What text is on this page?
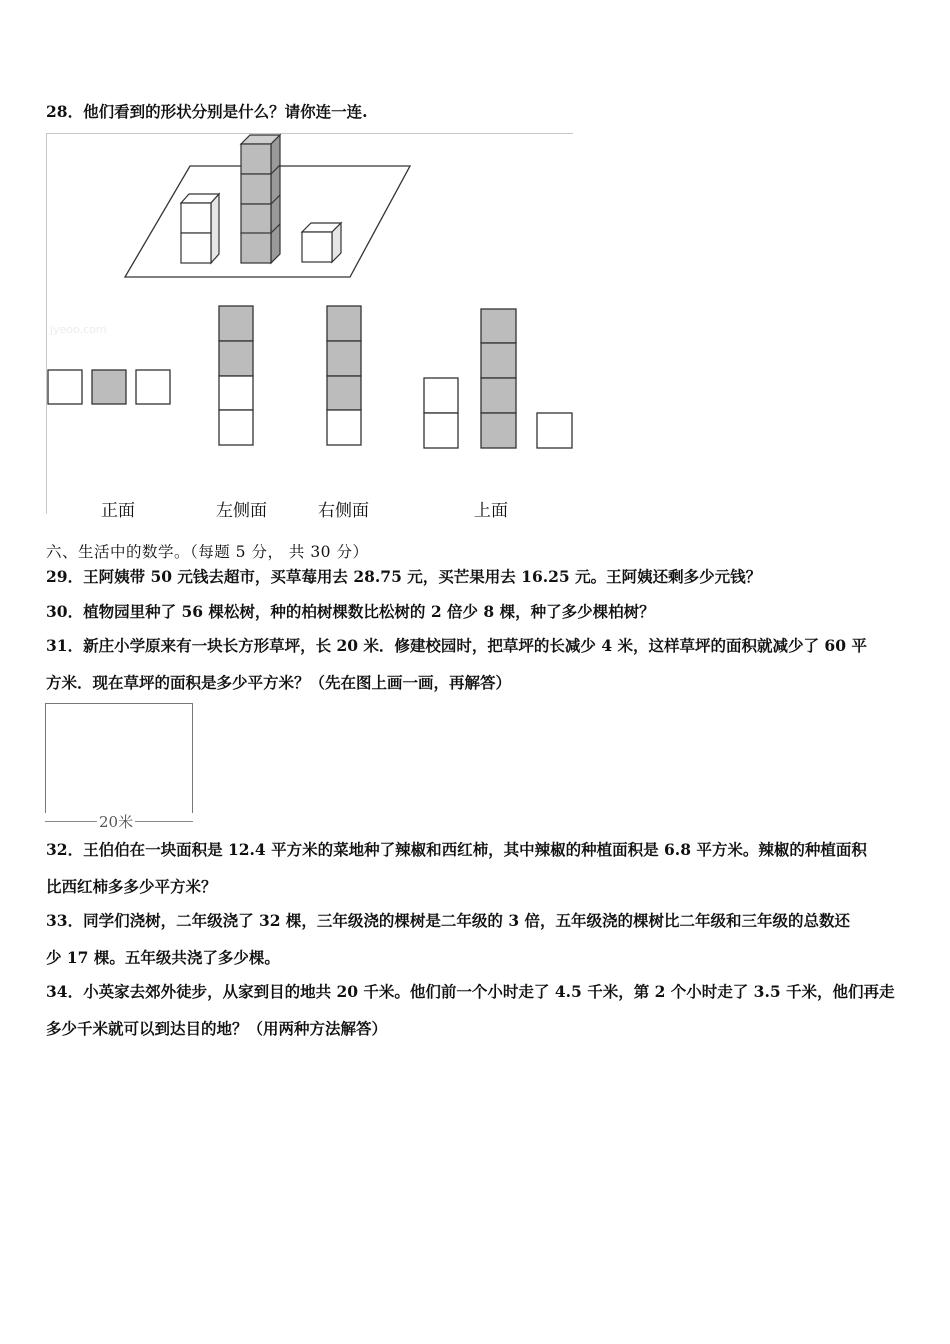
28．他们看到的形状分别是什么？请你连一连.

jyeoo.com
正面	左侧面	右侧面	上面

六、生活中的数学。（每题 5 分， 共 30 分）

29．王阿姨带 50 元钱去超市，买草莓用去 28.75 元，买芒果用去 16.25 元。王阿姨还剩多少元钱？

30．植物园里种了 56 棵松树，种的柏树棵数比松树的 2 倍少 8 棵，种了多少棵柏树？

31．新庄小学原来有一块长方形草坪，长 20 米．修建校园时，把草坪的长减少 4 米，这样草坪的面积就减少了 60 平

方米．现在草坪的面积是多少平方米？（先在图上画一画，再解答）

20米

32．王伯伯在一块面积是 12.4 平方米的菜地种了辣椒和西红柿，其中辣椒的种植面积是 6.8 平方米。辣椒的种植面积

比西红柿多多少平方米？

33．同学们浇树，二年级浇了 32 棵，三年级浇的棵树是二年级的 3 倍，五年级浇的棵树比二年级和三年级的总数还

少 17 棵。五年级共浇了多少棵。

34．小英家去郊外徒步，从家到目的地共 20 千米。他们前一个小时走了 4.5 千米，第 2 个小时走了 3.5 千米，他们再走

多少千米就可以到达目的地？（用两种方法解答）
